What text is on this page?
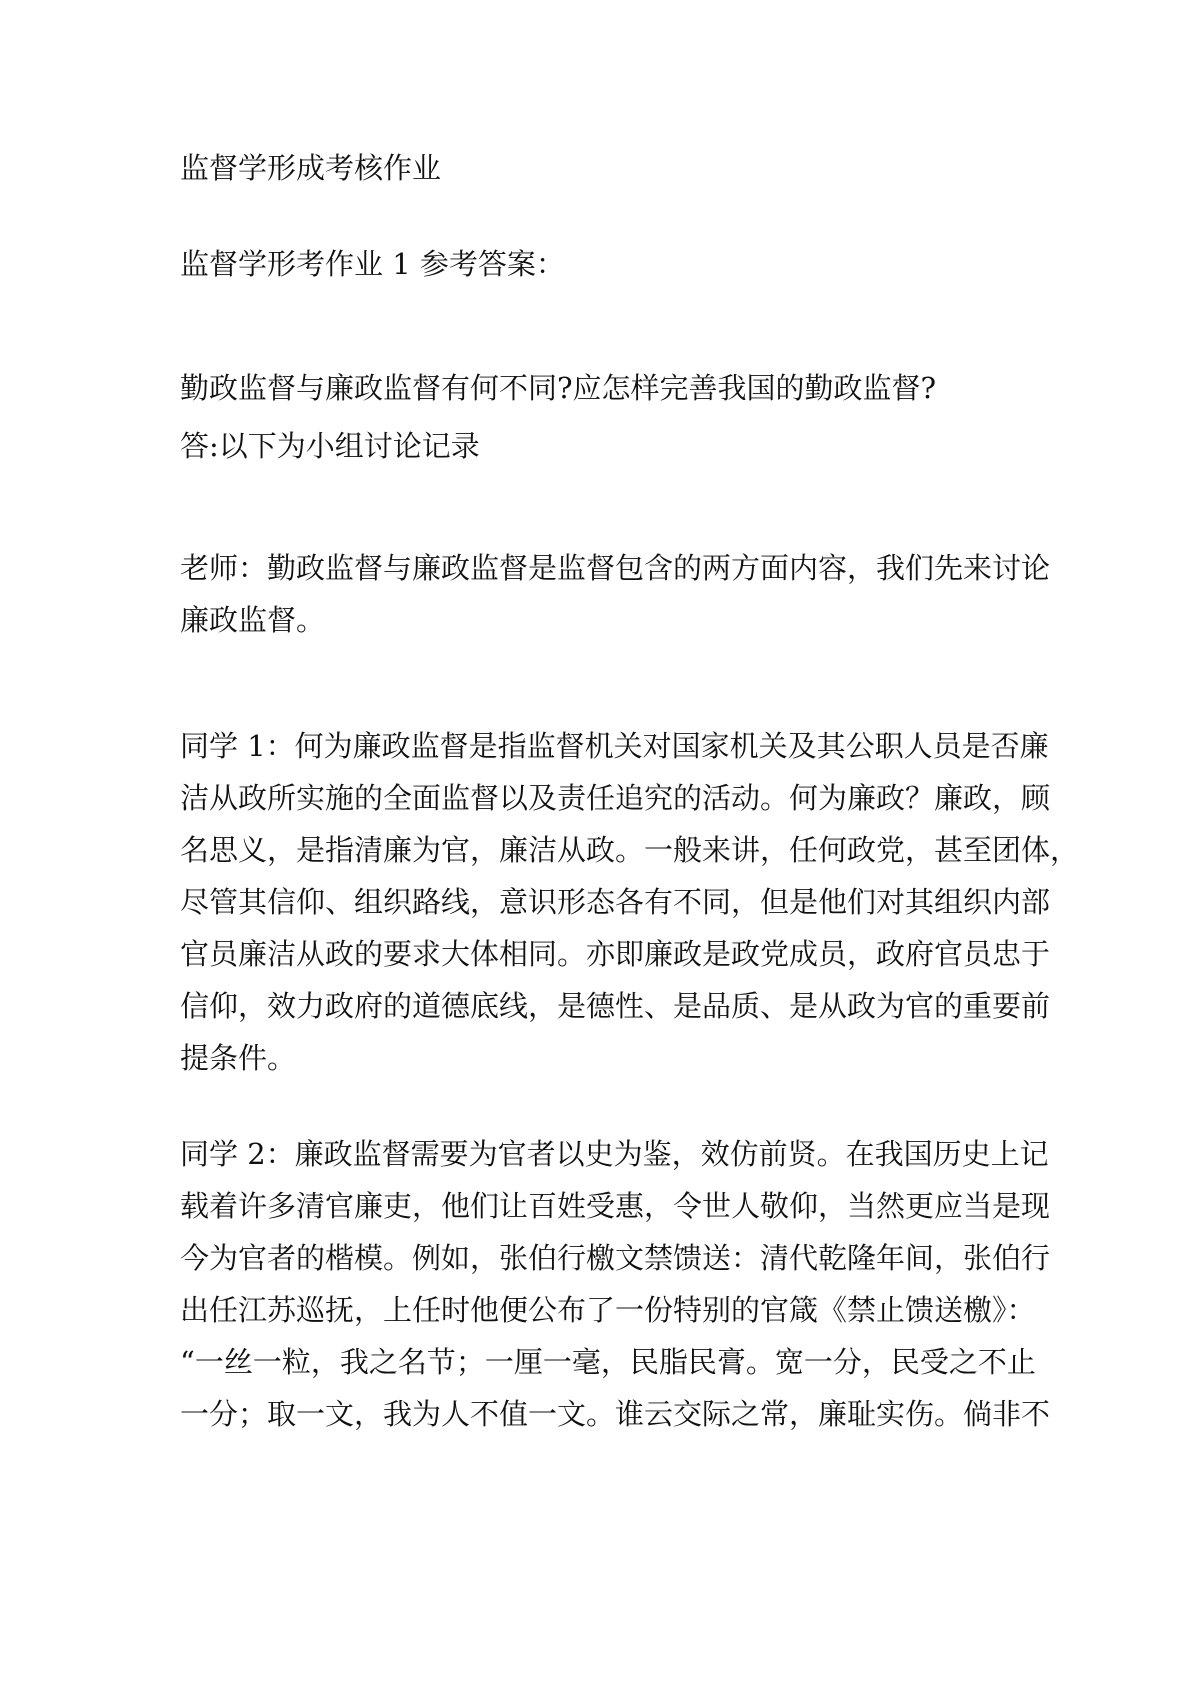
监督学形成考核作业

监督学形考作业 1 参考答案：

勤政监督与廉政监督有何不同?应怎样完善我国的勤政监督?

答:以下为小组讨论记录

老师：勤政监督与廉政监督是监督包含的两方面内容，我们先来讨论
廉政监督。

同学 1：何为廉政监督是指监督机关对国家机关及其公职人员是否廉
洁从政所实施的全面监督以及责任追究的活动。何为廉政？廉政，顾
名思义，是指清廉为官，廉洁从政。一般来讲，任何政党，甚至团体，
尽管其信仰、组织路线，意识形态各有不同，但是他们对其组织内部
官员廉洁从政的要求大体相同。亦即廉政是政党成员，政府官员忠于
信仰，效力政府的道德底线，是德性、是品质、是从政为官的重要前
提条件。

同学 2：廉政监督需要为官者以史为鉴，效仿前贤。在我国历史上记
载着许多清官廉吏，他们让百姓受惠，令世人敬仰，当然更应当是现
今为官者的楷模。例如，张伯行檄文禁馈送：清代乾隆年间，张伯行
出任江苏巡抚，上任时他便公布了一份特别的官箴《禁止馈送檄》：
“一丝一粒，我之名节；一厘一毫，民脂民膏。宽一分，民受之不止
一分；取一文，我为人不值一文。谁云交际之常，廉耻实伤。倘非不
